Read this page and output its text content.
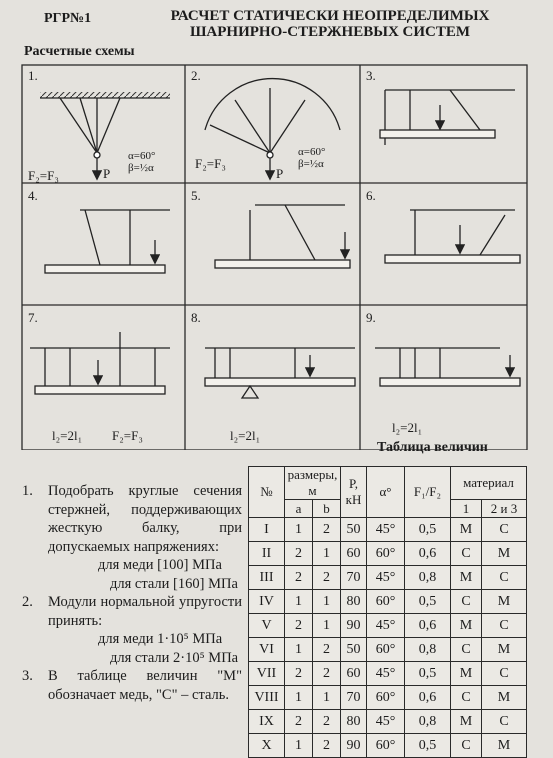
РГР№1	РАСЧЕТ СТАТИЧЕСКИ НЕОПРЕДЕЛИМЫХ
ШАРНИРНО-СТЕРЖНЕВЫХ СИСТЕМ
Расчетные схемы
1.
F₂=F₃	P
α=60°
β=½α
2.
F₂=F₃
P
α=60°
β=½α
3.
4.	5.	6.
7.
l₂=2l₁ F₂=F₃
8.
l₂=2l₁
9.
l₂=2l₁
Таблица величин
1. Подобрать круглые сечения стержней, поддерживающих жесткую балку, при допускаемых напряжениях:
для меди [100] МПа
для стали [160] МПа
2. Модули нормальной упругости принять:
для меди 1·10⁵ МПа
для стали 2·10⁵ МПа
3. В таблице величин "М" обозначает медь, "С" – сталь.
№	размеры, м		P, кН	α°	F₁/F₂	материал	
	a	b				1	2 и 3
I	1	2	50	45°	0,5	М	С
II	2	1	60	60°	0,6	С	М
III	2	2	70	45°	0,8	М	С
IV	1	1	80	60°	0,5	С	М
V	2	1	90	45°	0,6	М	С
VI	1	2	50	60°	0,8	С	М
VII	2	2	60	45°	0,5	М	С
VIII	1	1	70	60°	0,6	С	М
IX	2	2	80	45°	0,8	М	С
X	1	2	90	60°	0,5	С	М
